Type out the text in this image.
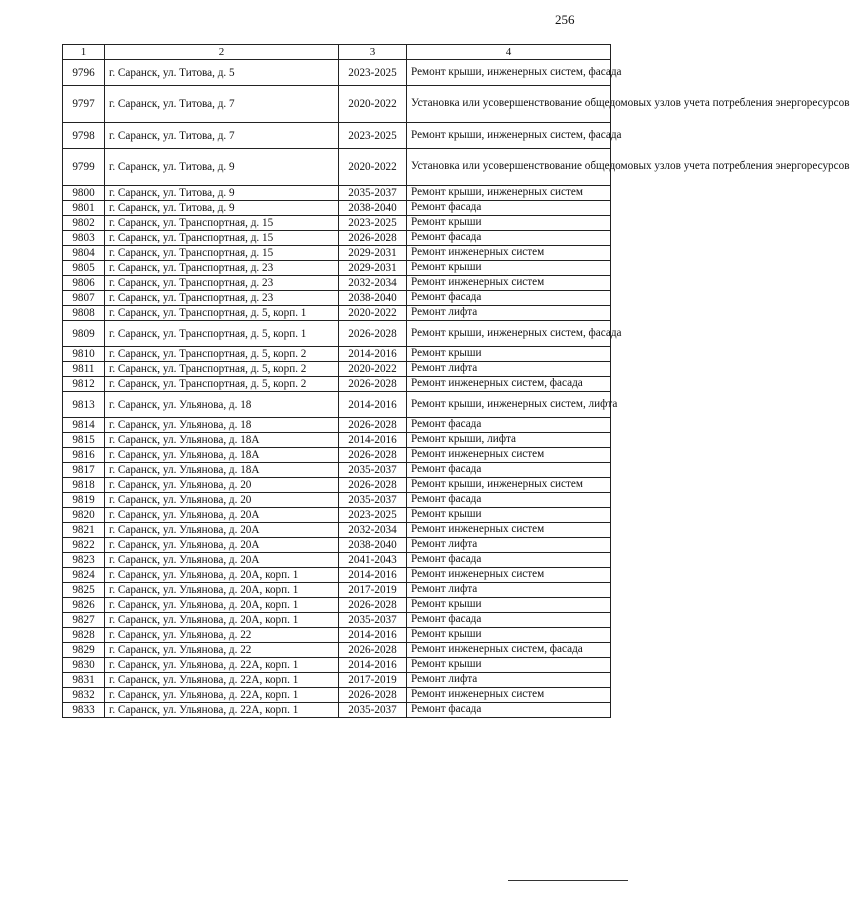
256
1	2	3	4
9796	г. Саранск, ул. Титова, д. 5	2023-2025	Ремонт крыши, инженерных систем, фасада
9797	г. Саранск, ул. Титова, д. 7	2020-2022	Установка или усовершенствование общедомовых узлов учета потребления энергоресурсов
9798	г. Саранск, ул. Титова, д. 7	2023-2025	Ремонт крыши, инженерных систем, фасада
9799	г. Саранск, ул. Титова, д. 9	2020-2022	Установка или усовершенствование общедомовых узлов учета потребления энергоресурсов
9800	г. Саранск, ул. Титова, д. 9	2035-2037	Ремонт крыши, инженерных систем
9801	г. Саранск, ул. Титова, д. 9	2038-2040	Ремонт фасада
9802	г. Саранск, ул. Транспортная, д. 15	2023-2025	Ремонт крыши
9803	г. Саранск, ул. Транспортная, д. 15	2026-2028	Ремонт фасада
9804	г. Саранск, ул. Транспортная, д. 15	2029-2031	Ремонт инженерных систем
9805	г. Саранск, ул. Транспортная, д. 23	2029-2031	Ремонт крыши
9806	г. Саранск, ул. Транспортная, д. 23	2032-2034	Ремонт инженерных систем
9807	г. Саранск, ул. Транспортная, д. 23	2038-2040	Ремонт фасада
9808	г. Саранск, ул. Транспортная, д. 5, корп. 1	2020-2022	Ремонт лифта
9809	г. Саранск, ул. Транспортная, д. 5, корп. 1	2026-2028	Ремонт крыши, инженерных систем, фасада
9810	г. Саранск, ул. Транспортная, д. 5, корп. 2	2014-2016	Ремонт крыши
9811	г. Саранск, ул. Транспортная, д. 5, корп. 2	2020-2022	Ремонт лифта
9812	г. Саранск, ул. Транспортная, д. 5, корп. 2	2026-2028	Ремонт инженерных систем, фасада
9813	г. Саранск, ул. Ульянова, д. 18	2014-2016	Ремонт крыши, инженерных систем, лифта
9814	г. Саранск, ул. Ульянова, д. 18	2026-2028	Ремонт фасада
9815	г. Саранск, ул. Ульянова, д. 18А	2014-2016	Ремонт крыши, лифта
9816	г. Саранск, ул. Ульянова, д. 18А	2026-2028	Ремонт инженерных систем
9817	г. Саранск, ул. Ульянова, д. 18А	2035-2037	Ремонт фасада
9818	г. Саранск, ул. Ульянова, д. 20	2026-2028	Ремонт крыши, инженерных систем
9819	г. Саранск, ул. Ульянова, д. 20	2035-2037	Ремонт фасада
9820	г. Саранск, ул. Ульянова, д. 20А	2023-2025	Ремонт крыши
9821	г. Саранск, ул. Ульянова, д. 20А	2032-2034	Ремонт инженерных систем
9822	г. Саранск, ул. Ульянова, д. 20А	2038-2040	Ремонт лифта
9823	г. Саранск, ул. Ульянова, д. 20А	2041-2043	Ремонт фасада
9824	г. Саранск, ул. Ульянова, д. 20А, корп. 1	2014-2016	Ремонт инженерных систем
9825	г. Саранск, ул. Ульянова, д. 20А, корп. 1	2017-2019	Ремонт лифта
9826	г. Саранск, ул. Ульянова, д. 20А, корп. 1	2026-2028	Ремонт крыши
9827	г. Саранск, ул. Ульянова, д. 20А, корп. 1	2035-2037	Ремонт фасада
9828	г. Саранск, ул. Ульянова, д. 22	2014-2016	Ремонт крыши
9829	г. Саранск, ул. Ульянова, д. 22	2026-2028	Ремонт инженерных систем, фасада
9830	г. Саранск, ул. Ульянова, д. 22А, корп. 1	2014-2016	Ремонт крыши
9831	г. Саранск, ул. Ульянова, д. 22А, корп. 1	2017-2019	Ремонт лифта
9832	г. Саранск, ул. Ульянова, д. 22А, корп. 1	2026-2028	Ремонт инженерных систем
9833	г. Саранск, ул. Ульянова, д. 22А, корп. 1	2035-2037	Ремонт фасада
